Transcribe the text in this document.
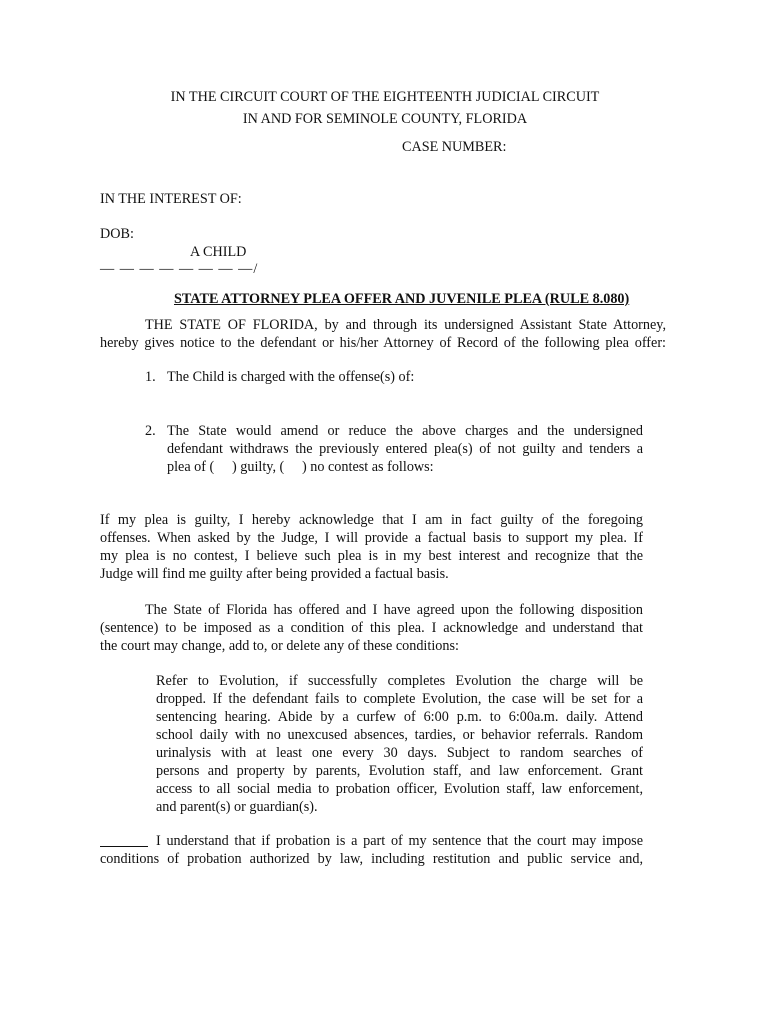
IN THE CIRCUIT COURT OF THE EIGHTEENTH JUDICIAL CIRCUIT
IN AND FOR SEMINOLE COUNTY, FLORIDA
CASE NUMBER:
IN THE INTEREST OF:
DOB:
A CHILD
— — — — — — — —/
STATE ATTORNEY PLEA OFFER AND JUVENILE PLEA (RULE 8.080)
THE STATE OF FLORIDA, by and through its undersigned Assistant State Attorney,
hereby gives notice to the defendant or his/her Attorney of Record of the following plea offer:
1. The Child is charged with the offense(s) of:
2. The State would amend or reduce the above charges and the undersigned
defendant withdraws the previously entered plea(s) of not guilty and tenders a
plea of (     ) guilty, (     ) no contest as follows:
If my plea is guilty, I hereby acknowledge that I am in fact guilty of the foregoing
offenses. When asked by the Judge, I will provide a factual basis to support my plea. If
my plea is no contest, I believe such plea is in my best interest and recognize that the
Judge will find me guilty after being provided a factual basis.
The State of Florida has offered and I have agreed upon the following disposition
(sentence) to be imposed as a condition of this plea. I acknowledge and understand that
the court may change, add to, or delete any of these conditions:
Refer to Evolution, if successfully completes Evolution the charge will be
dropped. If the defendant fails to complete Evolution, the case will be set for a
sentencing hearing. Abide by a curfew of 6:00 p.m. to 6:00a.m. daily. Attend
school daily with no unexcused absences, tardies, or behavior referrals. Random
urinalysis with at least one every 30 days. Subject to random searches of
persons and property by parents, Evolution staff, and law enforcement. Grant
access to all social media to probation officer, Evolution staff, law enforcement,
and parent(s) or guardian(s).
I understand that if probation is a part of my sentence that the court may impose
conditions of probation authorized by law, including restitution and public service and,
